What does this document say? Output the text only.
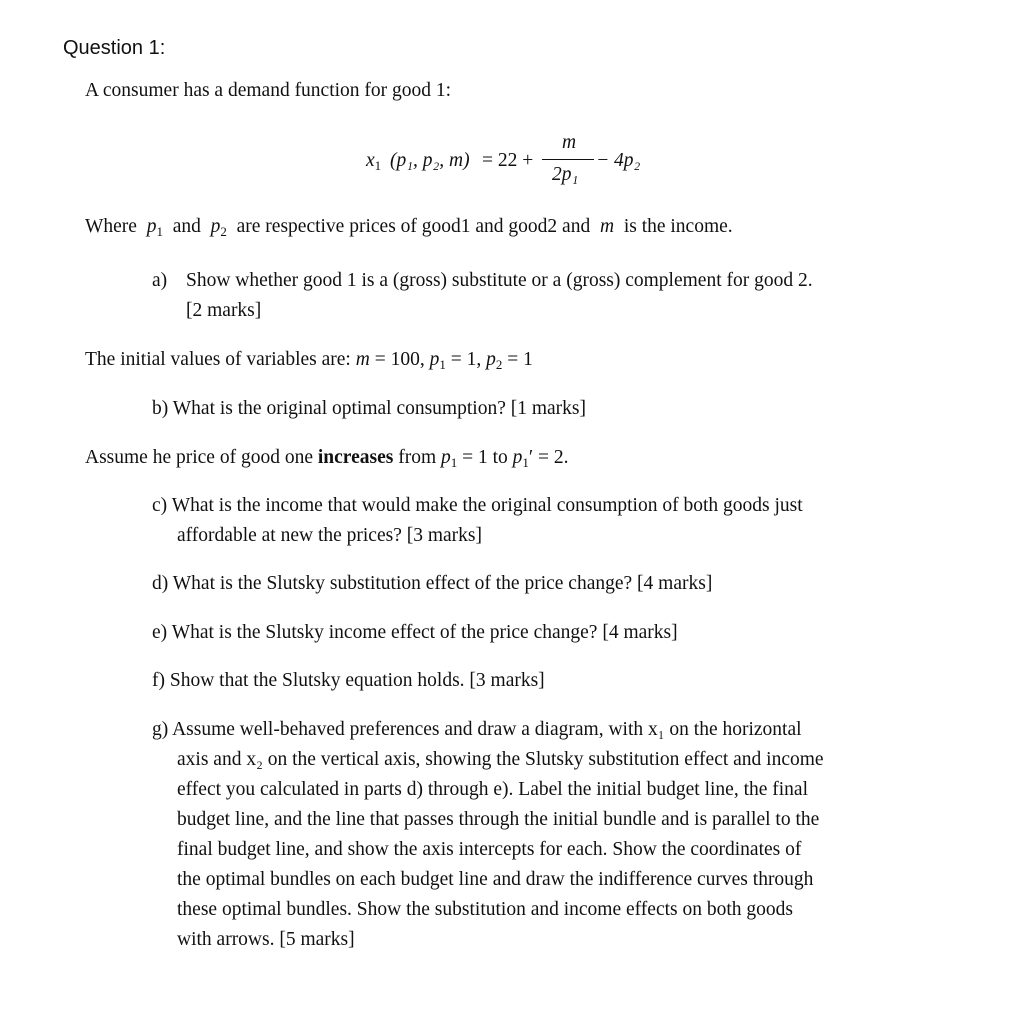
Question 1:
A consumer has a demand function for good 1:
$x_1$ (p₁, p₂, m) = 22 +
m
2p₁
− 4p₂
Where $p_1$ and $p_2$ are respective prices of good1 and good2 and m is the income.
a) Show whether good 1 is a (gross) substitute or a (gross) complement for good 2.
[2 marks]
The initial values of variables are: m = 100, $p_1 = 1$, $p_2 = 1$
b) What is the original optimal consumption? [1 marks]
Assume he price of good one increases from $p_1 = 1$ to $p_1' = 2$.
c) What is the income that would make the original consumption of both goods just
affordable at new the prices? [3 marks]
d) What is the Slutsky substitution effect of the price change? [4 marks]
e) What is the Slutsky income effect of the price change? [4 marks]
f) Show that the Slutsky equation holds. [3 marks]
g) Assume well-behaved preferences and draw a diagram, with x₁ on the horizontal
axis and x₂ on the vertical axis, showing the Slutsky substitution effect and income
effect you calculated in parts d) through e). Label the initial budget line, the final
budget line, and the line that passes through the initial bundle and is parallel to the
final budget line, and show the axis intercepts for each. Show the coordinates of
the optimal bundles on each budget line and draw the indifference curves through
these optimal bundles. Show the substitution and income effects on both goods
with arrows. [5 marks]
